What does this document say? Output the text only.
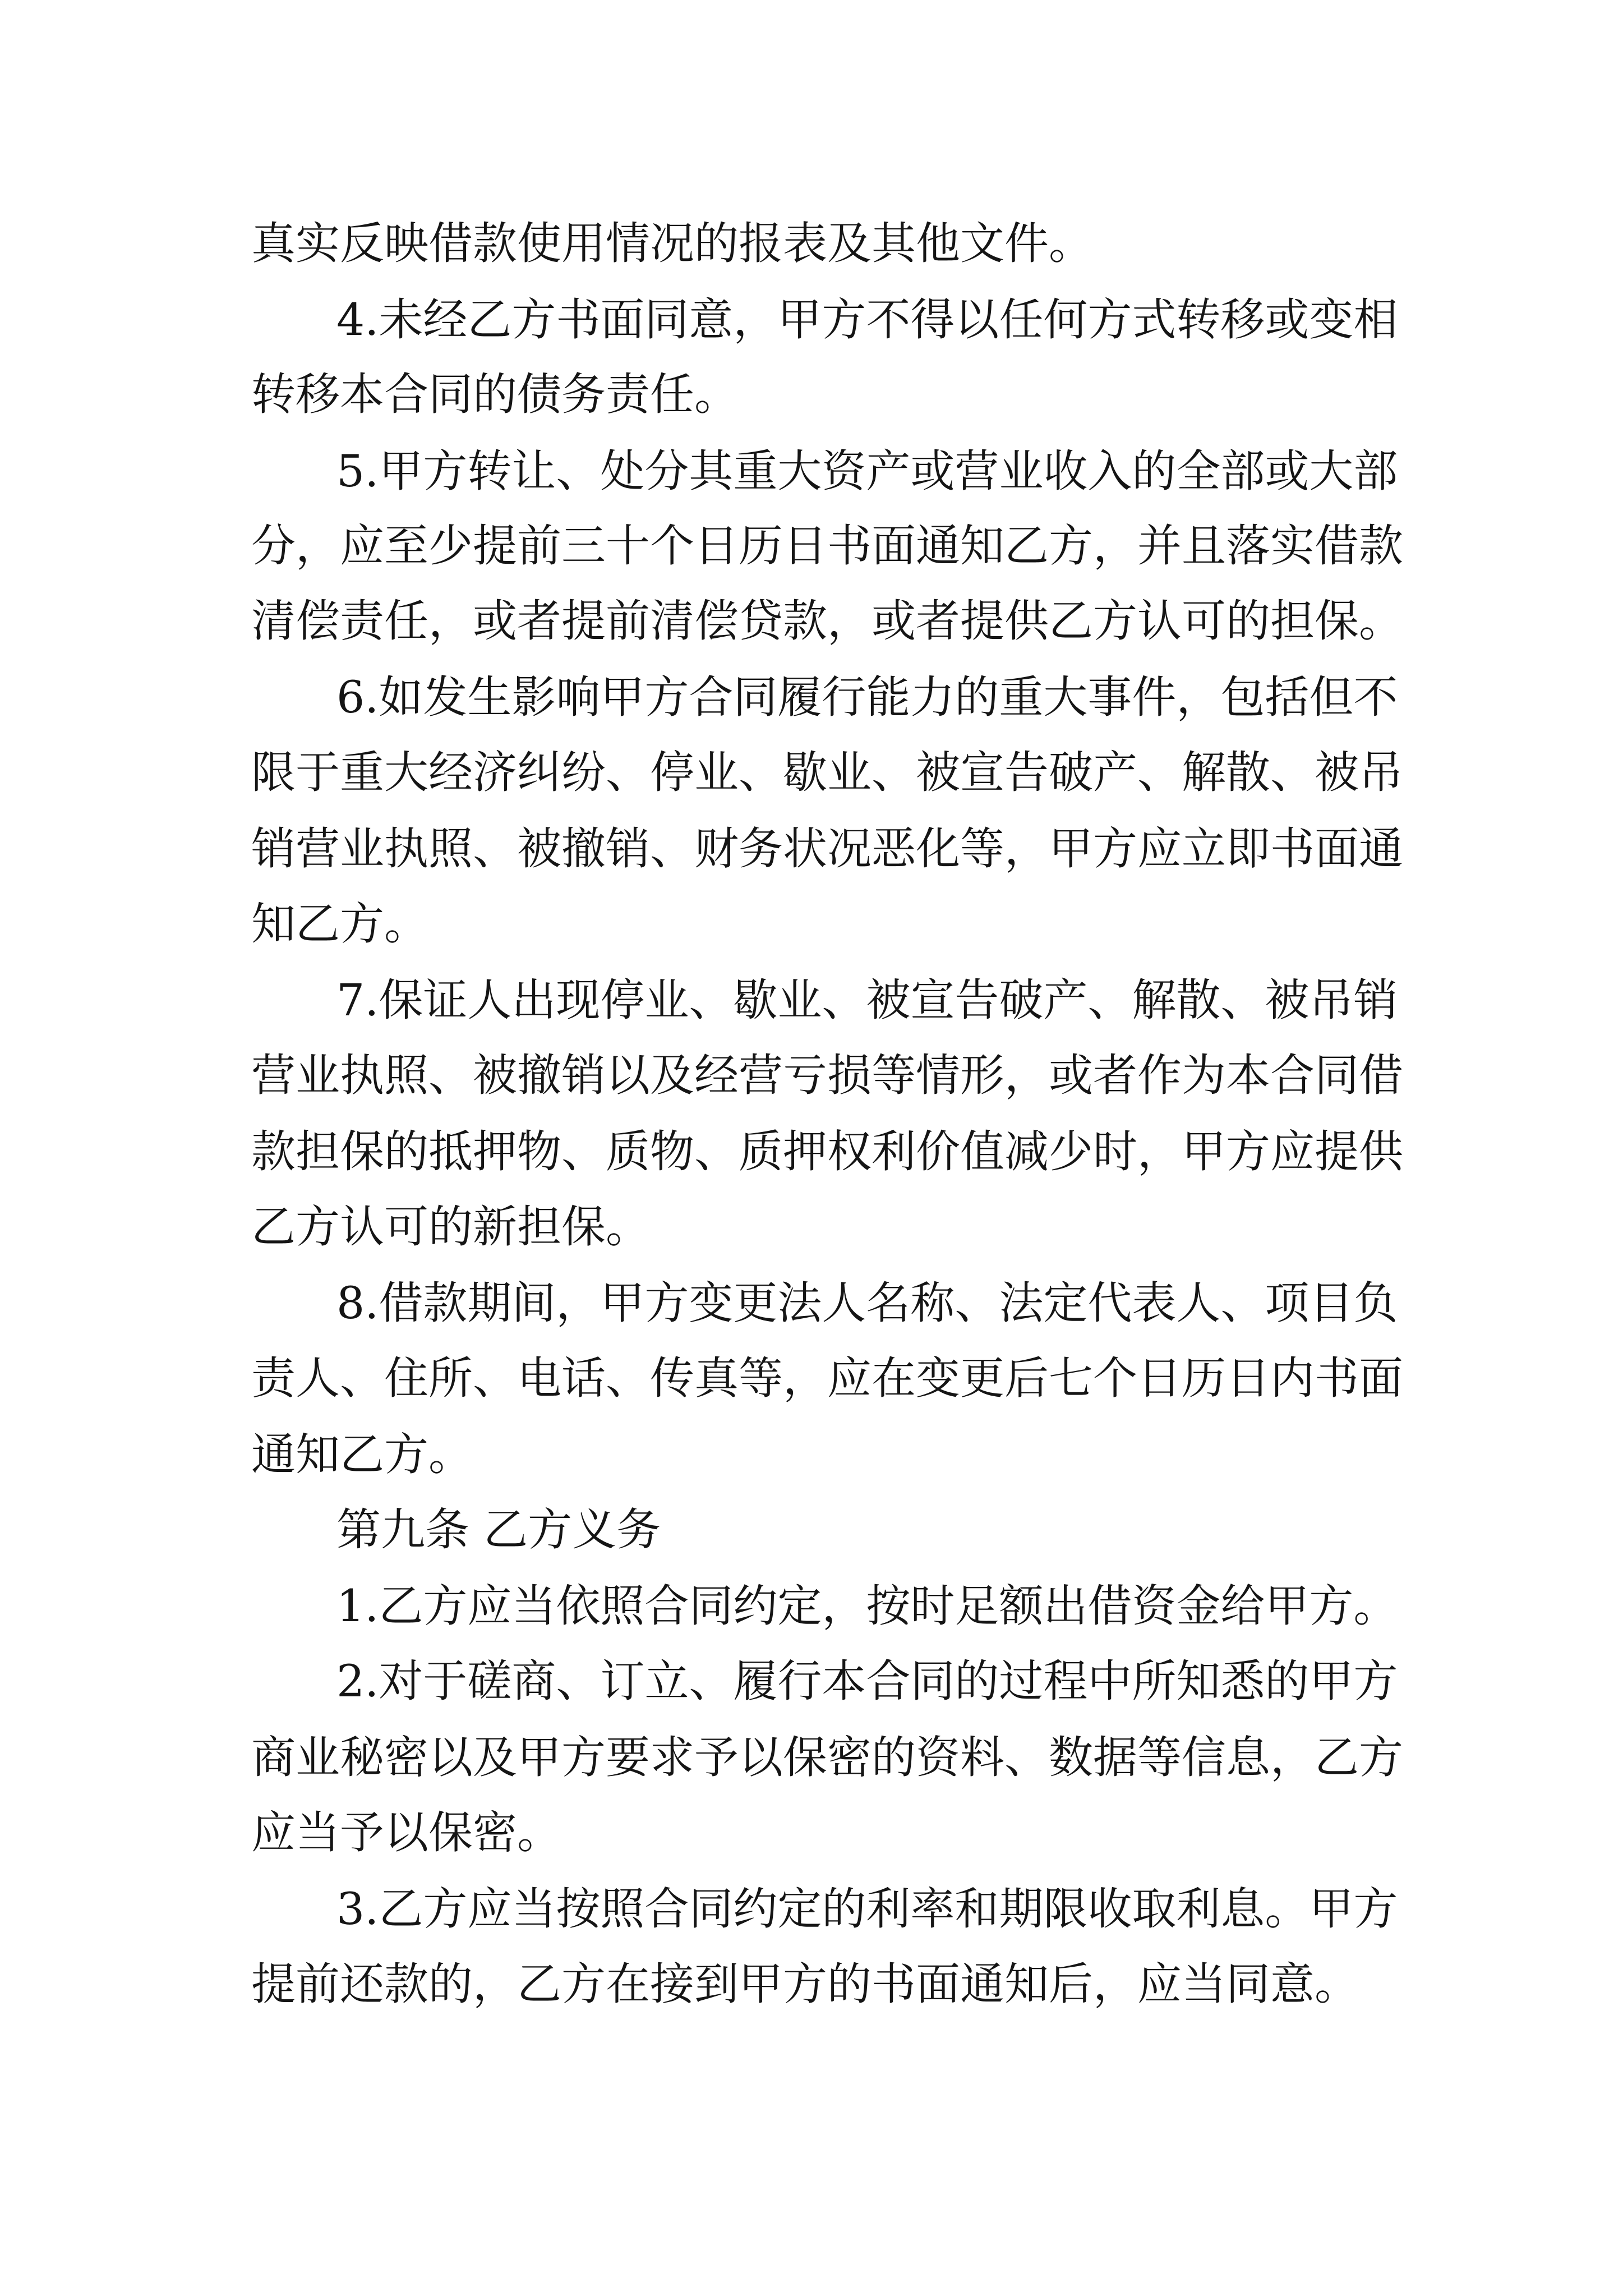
真实反映借款使用情况的报表及其他文件。

4.未经乙方书面同意，甲方不得以任何方式转移或变相

转移本合同的债务责任。

5.甲方转让、处分其重大资产或营业收入的全部或大部

分，应至少提前三十个日历日书面通知乙方，并且落实借款

清偿责任，或者提前清偿贷款，或者提供乙方认可的担保。

6.如发生影响甲方合同履行能力的重大事件，包括但不

限于重大经济纠纷、停业、歇业、被宣告破产、解散、被吊

销营业执照、被撤销、财务状况恶化等，甲方应立即书面通

知乙方。

7.保证人出现停业、歇业、被宣告破产、解散、被吊销

营业执照、被撤销以及经营亏损等情形，或者作为本合同借

款担保的抵押物、质物、质押权利价值减少时，甲方应提供

乙方认可的新担保。

8.借款期间，甲方变更法人名称、法定代表人、项目负

责人、住所、电话、传真等，应在变更后七个日历日内书面

通知乙方。

第九条 乙方义务

1.乙方应当依照合同约定，按时足额出借资金给甲方。

2.对于磋商、订立、履行本合同的过程中所知悉的甲方

商业秘密以及甲方要求予以保密的资料、数据等信息，乙方

应当予以保密。

3.乙方应当按照合同约定的利率和期限收取利息。甲方

提前还款的，乙方在接到甲方的书面通知后，应当同意。
